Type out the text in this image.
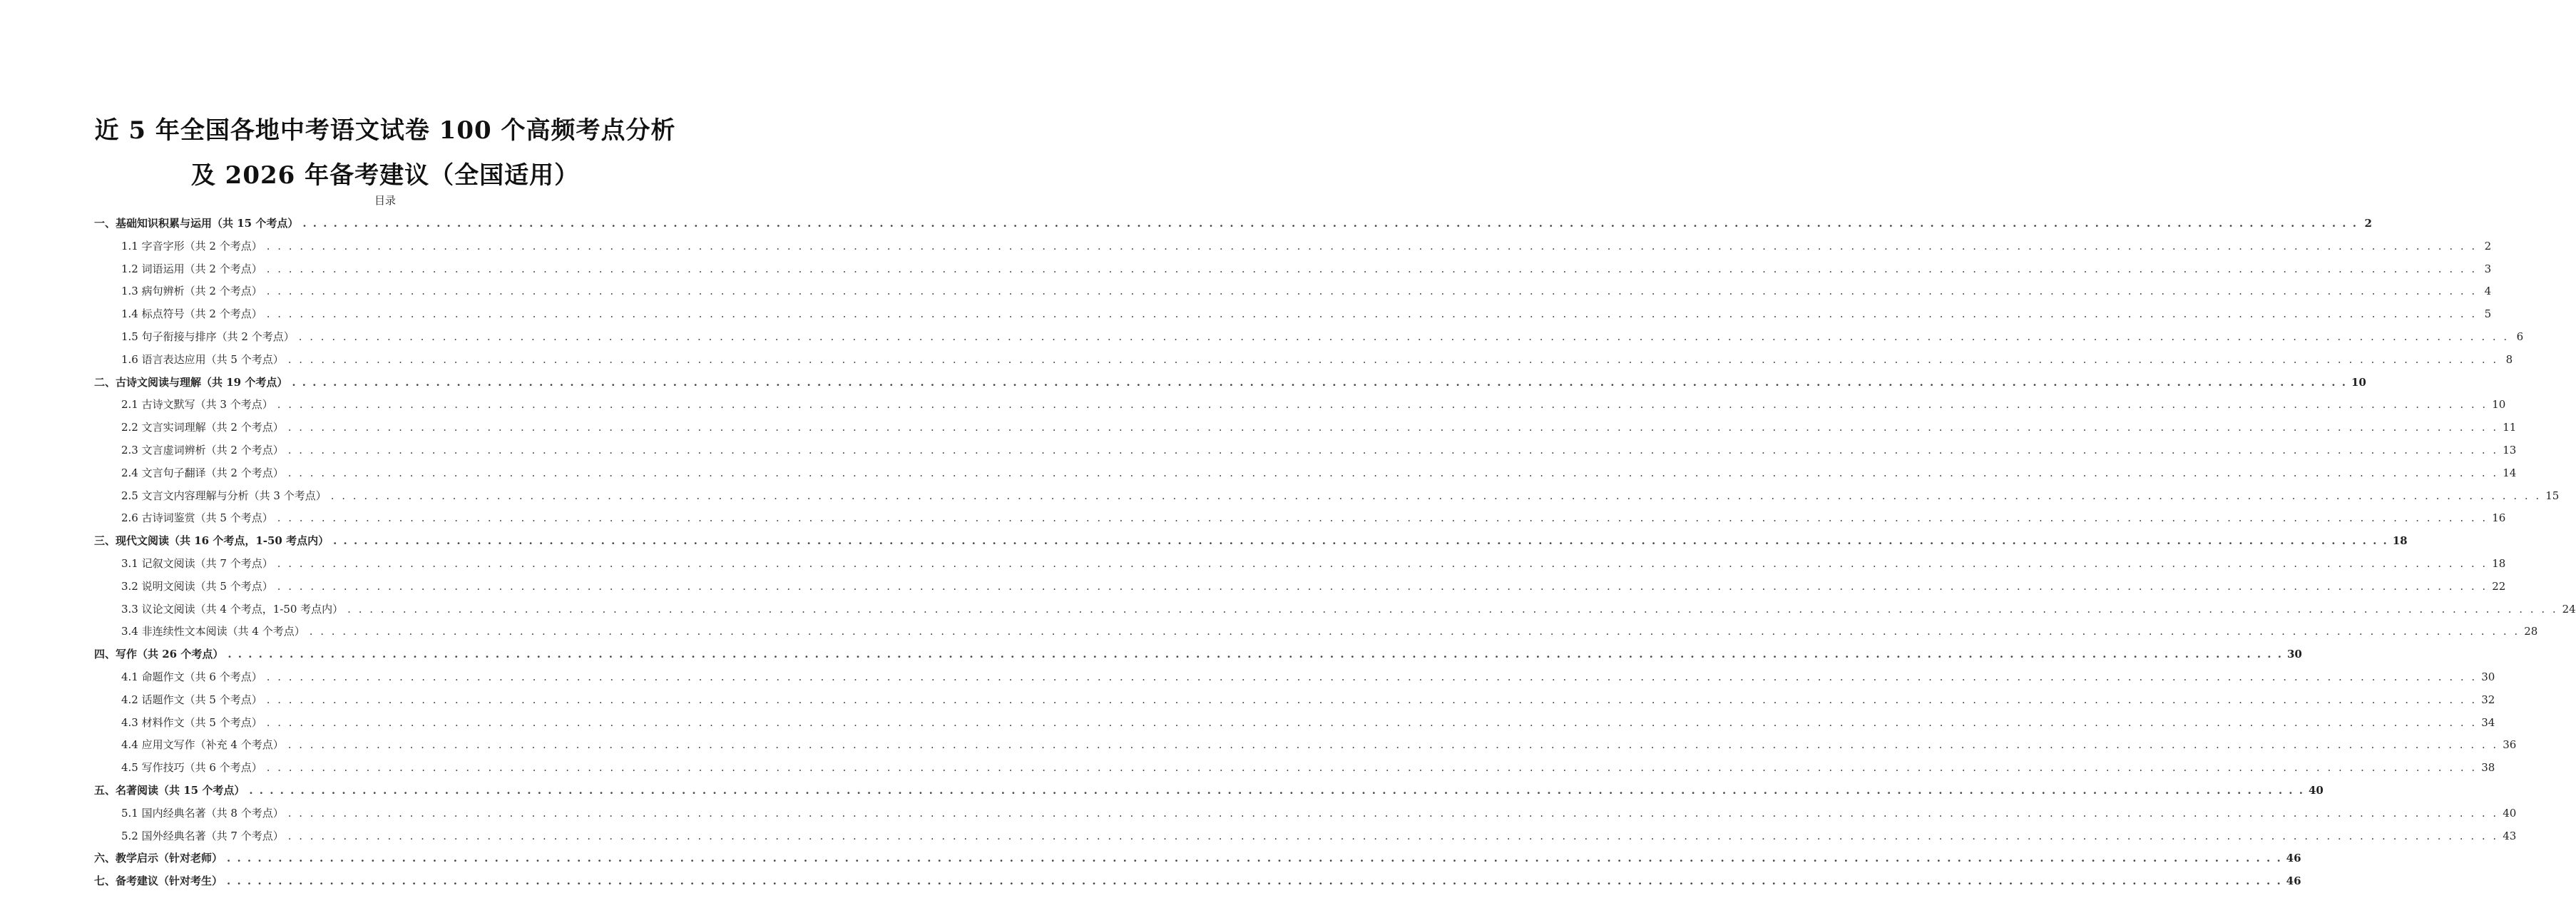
近 5 年全国各地中考语文试卷 100 个高频考点分析
及 2026 年备考建议（全国适用）
目录
一、基础知识积累与运用（共 15 个考点） . . . . . . . . . . . . . . . . . . . . . . . . . . . . . . . . . . . . . . . . . . . . . . . . . . . . . . . . . . . . . . . . . . . . . . . . . . . . . . . . . . . . . . . . . . . . . . . . . . . . . . . . . . . . . . . . . . . . . . . . . . . . . . . . . . . . . . . . . . . . . . . . . . . . . . . . . . . . . . . . . . . . . . . . . . . . . . . . . . . . . . . . . . . . . . . . . . . . . . . . 2
1.1 字音字形（共 2 个考点） . . . . . . . . . . . . . . . . . . . . . . . . . . . . . . . . . . . . . . . . . . . . . . . . . . . . . . . . . . . . . . . . . . . . . . . . . . . . . . . . . . . . . . . . . . . . . . . . . . . . . . . . . . . . . . . . . . . . . . . . . . . . . . . . . . . . . . . . . . . . . . . . . . . . . . . . . . . . . . . . . . . . . . . . . . . . . . . . . . . . . . . . . . . . . . . . . . . . . . . . 2
1.2 词语运用（共 2 个考点） . . . . . . . . . . . . . . . . . . . . . . . . . . . . . . . . . . . . . . . . . . . . . . . . . . . . . . . . . . . . . . . . . . . . . . . . . . . . . . . . . . . . . . . . . . . . . . . . . . . . . . . . . . . . . . . . . . . . . . . . . . . . . . . . . . . . . . . . . . . . . . . . . . . . . . . . . . . . . . . . . . . . . . . . . . . . . . . . . . . . . . . . . . . . . . . . . . . . . . . . 3
1.3 病句辨析（共 2 个考点） . . . . . . . . . . . . . . . . . . . . . . . . . . . . . . . . . . . . . . . . . . . . . . . . . . . . . . . . . . . . . . . . . . . . . . . . . . . . . . . . . . . . . . . . . . . . . . . . . . . . . . . . . . . . . . . . . . . . . . . . . . . . . . . . . . . . . . . . . . . . . . . . . . . . . . . . . . . . . . . . . . . . . . . . . . . . . . . . . . . . . . . . . . . . . . . . . . . . . . . . 4
1.4 标点符号（共 2 个考点） . . . . . . . . . . . . . . . . . . . . . . . . . . . . . . . . . . . . . . . . . . . . . . . . . . . . . . . . . . . . . . . . . . . . . . . . . . . . . . . . . . . . . . . . . . . . . . . . . . . . . . . . . . . . . . . . . . . . . . . . . . . . . . . . . . . . . . . . . . . . . . . . . . . . . . . . . . . . . . . . . . . . . . . . . . . . . . . . . . . . . . . . . . . . . . . . . . . . . . . . 5
1.5 句子衔接与排序（共 2 个考点） . . . . . . . . . . . . . . . . . . . . . . . . . . . . . . . . . . . . . . . . . . . . . . . . . . . . . . . . . . . . . . . . . . . . . . . . . . . . . . . . . . . . . . . . . . . . . . . . . . . . . . . . . . . . . . . . . . . . . . . . . . . . . . . . . . . . . . . . . . . . . . . . . . . . . . . . . . . . . . . . . . . . . . . . . . . . . . . . . . . . . . . . . . . . . . . . . . . . . . . . 6
1.6 语言表达应用（共 5 个考点） . . . . . . . . . . . . . . . . . . . . . . . . . . . . . . . . . . . . . . . . . . . . . . . . . . . . . . . . . . . . . . . . . . . . . . . . . . . . . . . . . . . . . . . . . . . . . . . . . . . . . . . . . . . . . . . . . . . . . . . . . . . . . . . . . . . . . . . . . . . . . . . . . . . . . . . . . . . . . . . . . . . . . . . . . . . . . . . . . . . . . . . . . . . . . . . . . . . . . . . . 8
二、古诗文阅读与理解（共 19 个考点） . . . . . . . . . . . . . . . . . . . . . . . . . . . . . . . . . . . . . . . . . . . . . . . . . . . . . . . . . . . . . . . . . . . . . . . . . . . . . . . . . . . . . . . . . . . . . . . . . . . . . . . . . . . . . . . . . . . . . . . . . . . . . . . . . . . . . . . . . . . . . . . . . . . . . . . . . . . . . . . . . . . . . . . . . . . . . . . . . . . . . . . . . . . . . . . . . . . . . . . . 10
2.1 古诗文默写（共 3 个考点） . . . . . . . . . . . . . . . . . . . . . . . . . . . . . . . . . . . . . . . . . . . . . . . . . . . . . . . . . . . . . . . . . . . . . . . . . . . . . . . . . . . . . . . . . . . . . . . . . . . . . . . . . . . . . . . . . . . . . . . . . . . . . . . . . . . . . . . . . . . . . . . . . . . . . . . . . . . . . . . . . . . . . . . . . . . . . . . . . . . . . . . . . . . . . . . . . . . . . . . . 10
2.2 文言实词理解（共 2 个考点） . . . . . . . . . . . . . . . . . . . . . . . . . . . . . . . . . . . . . . . . . . . . . . . . . . . . . . . . . . . . . . . . . . . . . . . . . . . . . . . . . . . . . . . . . . . . . . . . . . . . . . . . . . . . . . . . . . . . . . . . . . . . . . . . . . . . . . . . . . . . . . . . . . . . . . . . . . . . . . . . . . . . . . . . . . . . . . . . . . . . . . . . . . . . . . . . . . . . . . . . 11
2.3 文言虚词辨析（共 2 个考点） . . . . . . . . . . . . . . . . . . . . . . . . . . . . . . . . . . . . . . . . . . . . . . . . . . . . . . . . . . . . . . . . . . . . . . . . . . . . . . . . . . . . . . . . . . . . . . . . . . . . . . . . . . . . . . . . . . . . . . . . . . . . . . . . . . . . . . . . . . . . . . . . . . . . . . . . . . . . . . . . . . . . . . . . . . . . . . . . . . . . . . . . . . . . . . . . . . . . . . . . 13
2.4 文言句子翻译（共 2 个考点） . . . . . . . . . . . . . . . . . . . . . . . . . . . . . . . . . . . . . . . . . . . . . . . . . . . . . . . . . . . . . . . . . . . . . . . . . . . . . . . . . . . . . . . . . . . . . . . . . . . . . . . . . . . . . . . . . . . . . . . . . . . . . . . . . . . . . . . . . . . . . . . . . . . . . . . . . . . . . . . . . . . . . . . . . . . . . . . . . . . . . . . . . . . . . . . . . . . . . . . . 14
2.5 文言文内容理解与分析（共 3 个考点） . . . . . . . . . . . . . . . . . . . . . . . . . . . . . . . . . . . . . . . . . . . . . . . . . . . . . . . . . . . . . . . . . . . . . . . . . . . . . . . . . . . . . . . . . . . . . . . . . . . . . . . . . . . . . . . . . . . . . . . . . . . . . . . . . . . . . . . . . . . . . . . . . . . . . . . . . . . . . . . . . . . . . . . . . . . . . . . . . . . . . . . . . . . . . . . . . . . . . . . . 15
2.6 古诗词鉴赏（共 5 个考点） . . . . . . . . . . . . . . . . . . . . . . . . . . . . . . . . . . . . . . . . . . . . . . . . . . . . . . . . . . . . . . . . . . . . . . . . . . . . . . . . . . . . . . . . . . . . . . . . . . . . . . . . . . . . . . . . . . . . . . . . . . . . . . . . . . . . . . . . . . . . . . . . . . . . . . . . . . . . . . . . . . . . . . . . . . . . . . . . . . . . . . . . . . . . . . . . . . . . . . . . 16
三、现代文阅读（共 16 个考点，1-50 考点内） . . . . . . . . . . . . . . . . . . . . . . . . . . . . . . . . . . . . . . . . . . . . . . . . . . . . . . . . . . . . . . . . . . . . . . . . . . . . . . . . . . . . . . . . . . . . . . . . . . . . . . . . . . . . . . . . . . . . . . . . . . . . . . . . . . . . . . . . . . . . . . . . . . . . . . . . . . . . . . . . . . . . . . . . . . . . . . . . . . . . . . . . . . . . . . . . . . . . . . . . 18
3.1 记叙文阅读（共 7 个考点） . . . . . . . . . . . . . . . . . . . . . . . . . . . . . . . . . . . . . . . . . . . . . . . . . . . . . . . . . . . . . . . . . . . . . . . . . . . . . . . . . . . . . . . . . . . . . . . . . . . . . . . . . . . . . . . . . . . . . . . . . . . . . . . . . . . . . . . . . . . . . . . . . . . . . . . . . . . . . . . . . . . . . . . . . . . . . . . . . . . . . . . . . . . . . . . . . . . . . . . . 18
3.2 说明文阅读（共 5 个考点） . . . . . . . . . . . . . . . . . . . . . . . . . . . . . . . . . . . . . . . . . . . . . . . . . . . . . . . . . . . . . . . . . . . . . . . . . . . . . . . . . . . . . . . . . . . . . . . . . . . . . . . . . . . . . . . . . . . . . . . . . . . . . . . . . . . . . . . . . . . . . . . . . . . . . . . . . . . . . . . . . . . . . . . . . . . . . . . . . . . . . . . . . . . . . . . . . . . . . . . . 22
3.3 议论文阅读（共 4 个考点，1-50 考点内） . . . . . . . . . . . . . . . . . . . . . . . . . . . . . . . . . . . . . . . . . . . . . . . . . . . . . . . . . . . . . . . . . . . . . . . . . . . . . . . . . . . . . . . . . . . . . . . . . . . . . . . . . . . . . . . . . . . . . . . . . . . . . . . . . . . . . . . . . . . . . . . . . . . . . . . . . . . . . . . . . . . . . . . . . . . . . . . . . . . . . . . . . . . . . . . . . . . . . . . . 24
3.4 非连续性文本阅读（共 4 个考点） . . . . . . . . . . . . . . . . . . . . . . . . . . . . . . . . . . . . . . . . . . . . . . . . . . . . . . . . . . . . . . . . . . . . . . . . . . . . . . . . . . . . . . . . . . . . . . . . . . . . . . . . . . . . . . . . . . . . . . . . . . . . . . . . . . . . . . . . . . . . . . . . . . . . . . . . . . . . . . . . . . . . . . . . . . . . . . . . . . . . . . . . . . . . . . . . . . . . . . . . 28
四、写作（共 26 个考点） . . . . . . . . . . . . . . . . . . . . . . . . . . . . . . . . . . . . . . . . . . . . . . . . . . . . . . . . . . . . . . . . . . . . . . . . . . . . . . . . . . . . . . . . . . . . . . . . . . . . . . . . . . . . . . . . . . . . . . . . . . . . . . . . . . . . . . . . . . . . . . . . . . . . . . . . . . . . . . . . . . . . . . . . . . . . . . . . . . . . . . . . . . . . . . . . . . . . . . . . 30
4.1 命题作文（共 6 个考点） . . . . . . . . . . . . . . . . . . . . . . . . . . . . . . . . . . . . . . . . . . . . . . . . . . . . . . . . . . . . . . . . . . . . . . . . . . . . . . . . . . . . . . . . . . . . . . . . . . . . . . . . . . . . . . . . . . . . . . . . . . . . . . . . . . . . . . . . . . . . . . . . . . . . . . . . . . . . . . . . . . . . . . . . . . . . . . . . . . . . . . . . . . . . . . . . . . . . . . . . 30
4.2 话题作文（共 5 个考点） . . . . . . . . . . . . . . . . . . . . . . . . . . . . . . . . . . . . . . . . . . . . . . . . . . . . . . . . . . . . . . . . . . . . . . . . . . . . . . . . . . . . . . . . . . . . . . . . . . . . . . . . . . . . . . . . . . . . . . . . . . . . . . . . . . . . . . . . . . . . . . . . . . . . . . . . . . . . . . . . . . . . . . . . . . . . . . . . . . . . . . . . . . . . . . . . . . . . . . . . 32
4.3 材料作文（共 5 个考点） . . . . . . . . . . . . . . . . . . . . . . . . . . . . . . . . . . . . . . . . . . . . . . . . . . . . . . . . . . . . . . . . . . . . . . . . . . . . . . . . . . . . . . . . . . . . . . . . . . . . . . . . . . . . . . . . . . . . . . . . . . . . . . . . . . . . . . . . . . . . . . . . . . . . . . . . . . . . . . . . . . . . . . . . . . . . . . . . . . . . . . . . . . . . . . . . . . . . . . . . 34
4.4 应用文写作（补充 4 个考点） . . . . . . . . . . . . . . . . . . . . . . . . . . . . . . . . . . . . . . . . . . . . . . . . . . . . . . . . . . . . . . . . . . . . . . . . . . . . . . . . . . . . . . . . . . . . . . . . . . . . . . . . . . . . . . . . . . . . . . . . . . . . . . . . . . . . . . . . . . . . . . . . . . . . . . . . . . . . . . . . . . . . . . . . . . . . . . . . . . . . . . . . . . . . . . . . . . . . . . . . 36
4.5 写作技巧（共 6 个考点） . . . . . . . . . . . . . . . . . . . . . . . . . . . . . . . . . . . . . . . . . . . . . . . . . . . . . . . . . . . . . . . . . . . . . . . . . . . . . . . . . . . . . . . . . . . . . . . . . . . . . . . . . . . . . . . . . . . . . . . . . . . . . . . . . . . . . . . . . . . . . . . . . . . . . . . . . . . . . . . . . . . . . . . . . . . . . . . . . . . . . . . . . . . . . . . . . . . . . . . . 38
五、名著阅读（共 15 个考点） . . . . . . . . . . . . . . . . . . . . . . . . . . . . . . . . . . . . . . . . . . . . . . . . . . . . . . . . . . . . . . . . . . . . . . . . . . . . . . . . . . . . . . . . . . . . . . . . . . . . . . . . . . . . . . . . . . . . . . . . . . . . . . . . . . . . . . . . . . . . . . . . . . . . . . . . . . . . . . . . . . . . . . . . . . . . . . . . . . . . . . . . . . . . . . . . . . . . . . . . 40
5.1 国内经典名著（共 8 个考点） . . . . . . . . . . . . . . . . . . . . . . . . . . . . . . . . . . . . . . . . . . . . . . . . . . . . . . . . . . . . . . . . . . . . . . . . . . . . . . . . . . . . . . . . . . . . . . . . . . . . . . . . . . . . . . . . . . . . . . . . . . . . . . . . . . . . . . . . . . . . . . . . . . . . . . . . . . . . . . . . . . . . . . . . . . . . . . . . . . . . . . . . . . . . . . . . . . . . . . . . 40
5.2 国外经典名著（共 7 个考点） . . . . . . . . . . . . . . . . . . . . . . . . . . . . . . . . . . . . . . . . . . . . . . . . . . . . . . . . . . . . . . . . . . . . . . . . . . . . . . . . . . . . . . . . . . . . . . . . . . . . . . . . . . . . . . . . . . . . . . . . . . . . . . . . . . . . . . . . . . . . . . . . . . . . . . . . . . . . . . . . . . . . . . . . . . . . . . . . . . . . . . . . . . . . . . . . . . . . . . . . 43
六、教学启示（针对老师） . . . . . . . . . . . . . . . . . . . . . . . . . . . . . . . . . . . . . . . . . . . . . . . . . . . . . . . . . . . . . . . . . . . . . . . . . . . . . . . . . . . . . . . . . . . . . . . . . . . . . . . . . . . . . . . . . . . . . . . . . . . . . . . . . . . . . . . . . . . . . . . . . . . . . . . . . . . . . . . . . . . . . . . . . . . . . . . . . . . . . . . . . . . . . . . . . . . . . . . . 46
七、备考建议（针对考生） . . . . . . . . . . . . . . . . . . . . . . . . . . . . . . . . . . . . . . . . . . . . . . . . . . . . . . . . . . . . . . . . . . . . . . . . . . . . . . . . . . . . . . . . . . . . . . . . . . . . . . . . . . . . . . . . . . . . . . . . . . . . . . . . . . . . . . . . . . . . . . . . . . . . . . . . . . . . . . . . . . . . . . . . . . . . . . . . . . . . . . . . . . . . . . . . . . . . . . . . 46
